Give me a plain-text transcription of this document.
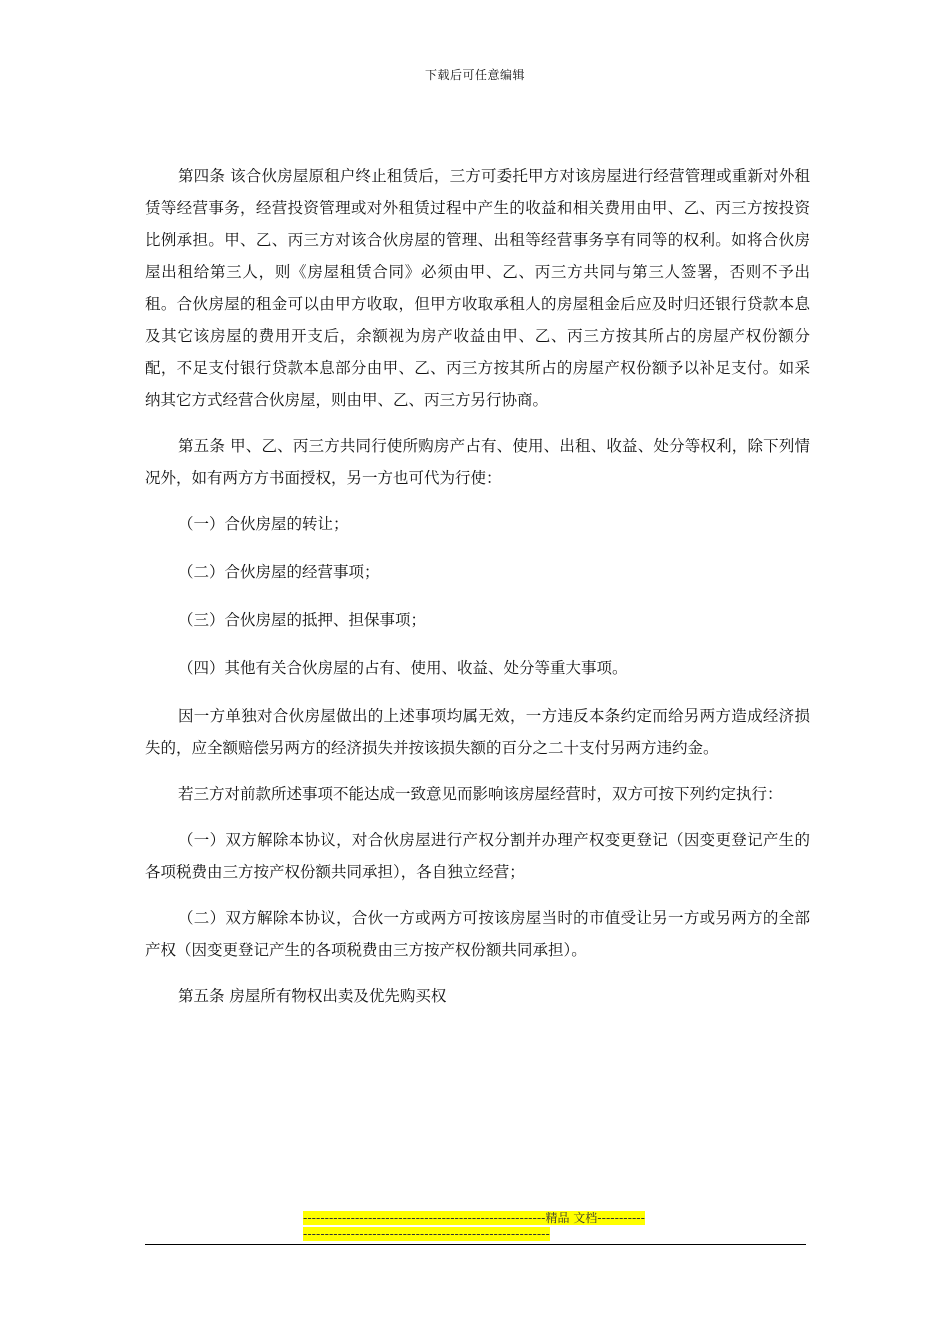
下载后可任意编辑

第四条 该合伙房屋原租户终止租赁后，三方可委托甲方对该房屋进行经营管理或重新对外租赁等经营事务，经营投资管理或对外租赁过程中产生的收益和相关费用由甲、乙、丙三方按投资比例承担。甲、乙、丙三方对该合伙房屋的管理、出租等经营事务享有同等的权利。如将合伙房屋出租给第三人，则《房屋租赁合同》必须由甲、乙、丙三方共同与第三人签署，否则不予出租。合伙房屋的租金可以由甲方收取，但甲方收取承租人的房屋租金后应及时归还银行贷款本息及其它该房屋的费用开支后，余额视为房产收益由甲、乙、丙三方按其所占的房屋产权份额分配，不足支付银行贷款本息部分由甲、乙、丙三方按其所占的房屋产权份额予以补足支付。如采纳其它方式经营合伙房屋，则由甲、乙、丙三方另行协商。

第五条 甲、乙、丙三方共同行使所购房产占有、使用、出租、收益、处分等权利，除下列情况外，如有两方方书面授权，另一方也可代为行使：

（一）合伙房屋的转让；

（二）合伙房屋的经营事项；

（三）合伙房屋的抵押、担保事项；

（四）其他有关合伙房屋的占有、使用、收益、处分等重大事项。

因一方单独对合伙房屋做出的上述事项均属无效，一方违反本条约定而给另两方造成经济损失的，应全额赔偿另两方的经济损失并按该损失额的百分之二十支付另两方违约金。

若三方对前款所述事项不能达成一致意见而影响该房屋经营时，双方可按下列约定执行：

（一）双方解除本协议，对合伙房屋进行产权分割并办理产权变更登记（因变更登记产生的各项税费由三方按产权份额共同承担），各自独立经营；

（二）双方解除本协议，合伙一方或两方可按该房屋当时的市值受让另一方或另两方的全部产权（因变更登记产生的各项税费由三方按产权份额共同承担）。

第五条 房屋所有物权出卖及优先购买权

--------------------------------------------------------精品 文档--------------------------------------------------------------------
